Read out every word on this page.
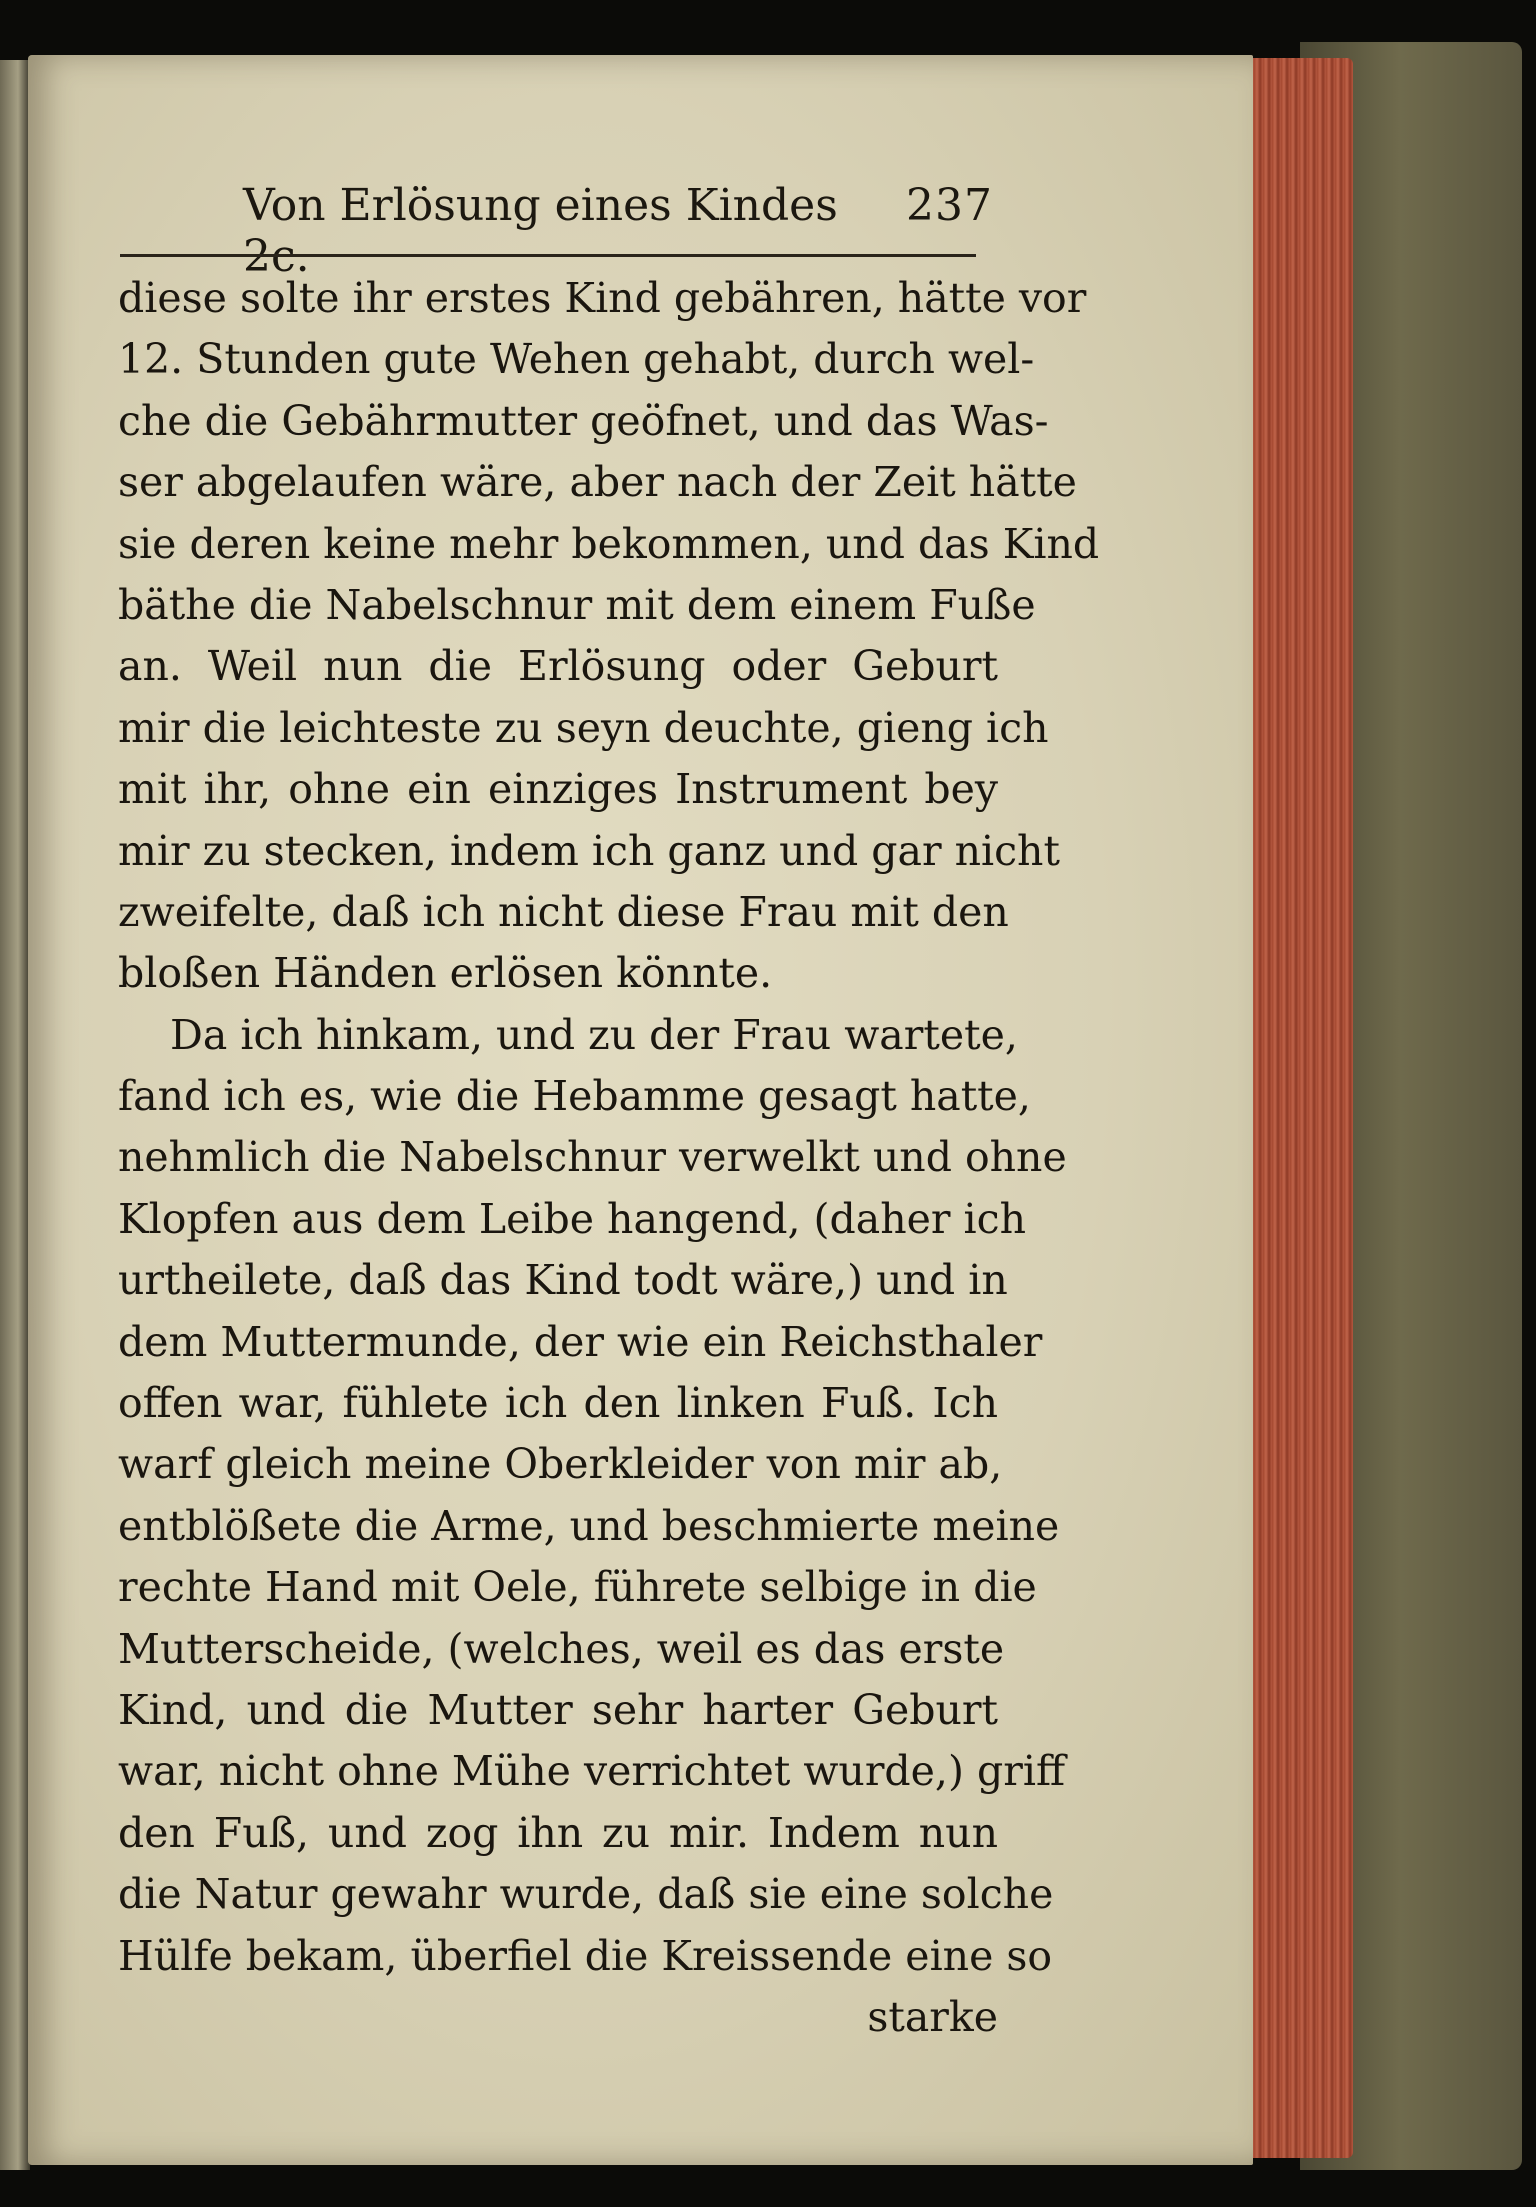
Von Erlösung eines Kindes 2c.
237
diese solte ihr erstes Kind gebähren, hätte vor
12. Stunden gute Wehen gehabt, durch wel-
che die Gebährmutter geöfnet, und das Was-
ser abgelaufen wäre, aber nach der Zeit hätte
sie deren keine mehr bekommen, und das Kind
bäthe die Nabelschnur mit dem einem Fuße
an. Weil nun die Erlösung oder Geburt
mir die leichteste zu seyn deuchte, gieng ich
mit ihr, ohne ein einziges Instrument bey
mir zu stecken, indem ich ganz und gar nicht
zweifelte, daß ich nicht diese Frau mit den
bloßen Händen erlösen könnte.
Da ich hinkam, und zu der Frau wartete,
fand ich es, wie die Hebamme gesagt hatte,
nehmlich die Nabelschnur verwelkt und ohne
Klopfen aus dem Leibe hangend, (daher ich
urtheilete, daß das Kind todt wäre,) und in
dem Muttermunde, der wie ein Reichsthaler
offen war, fühlete ich den linken Fuß. Ich
warf gleich meine Oberkleider von mir ab,
entblößete die Arme, und beschmierte meine
rechte Hand mit Oele, führete selbige in die
Mutterscheide, (welches, weil es das erste
Kind, und die Mutter sehr harter Geburt
war, nicht ohne Mühe verrichtet wurde,) griff
den Fuß, und zog ihn zu mir. Indem nun
die Natur gewahr wurde, daß sie eine solche
Hülfe bekam, überfiel die Kreissende eine so
starke
